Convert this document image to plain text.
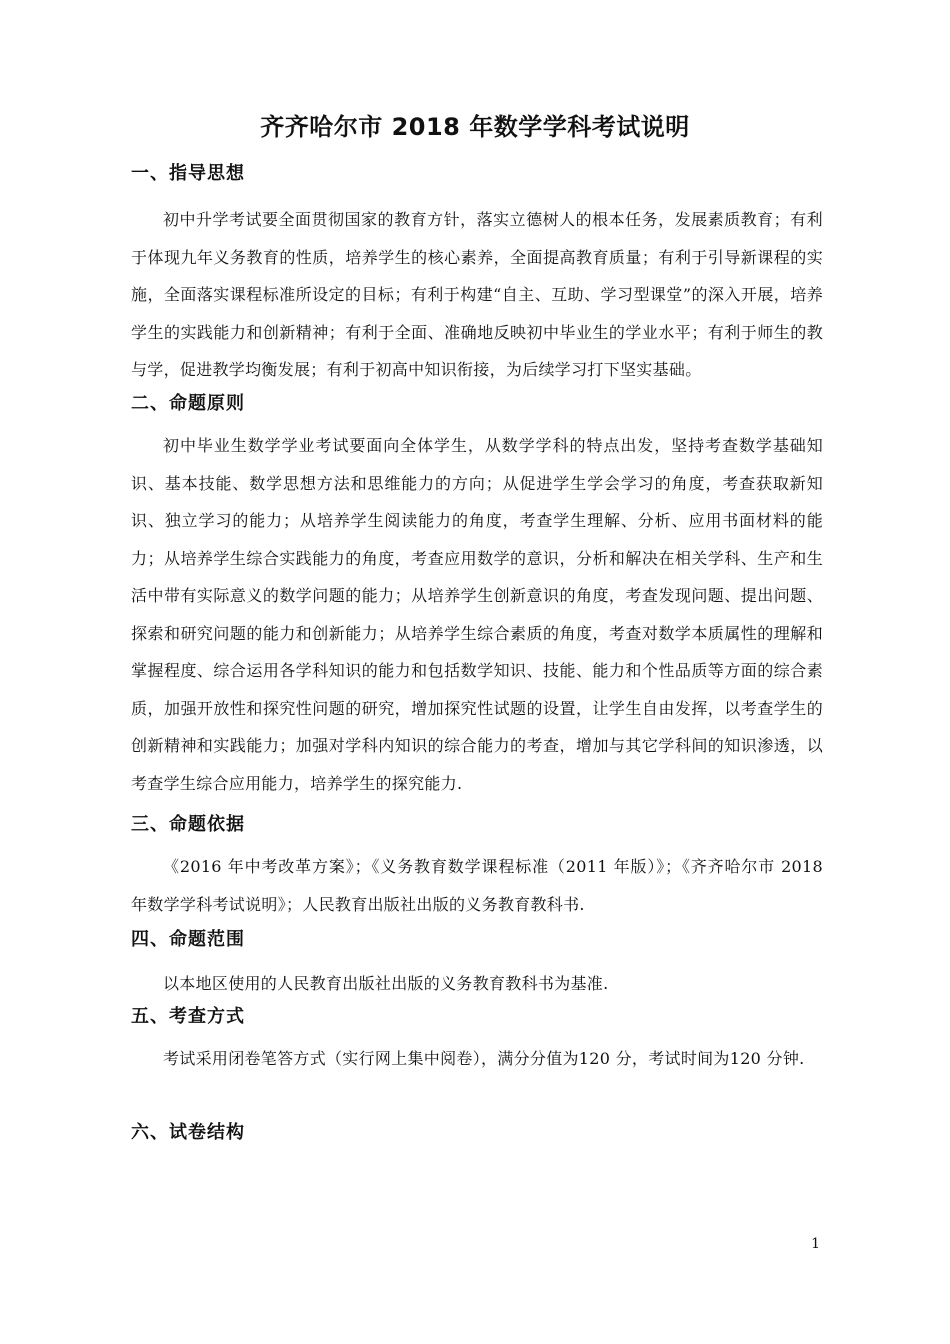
齐齐哈尔市 2018 年数学学科考试说明
一、指导思想
初中升学考试要全面贯彻国家的教育方针，落实立德树人的根本任务，发展素质教育；有利于体现九年义务教育的性质，培养学生的核心素养，全面提高教育质量；有利于引导新课程的实施，全面落实课程标准所设定的目标；有利于构建“自主、互助、学习型课堂”的深入开展，培养学生的实践能力和创新精神；有利于全面、准确地反映初中毕业生的学业水平；有利于师生的教与学，促进教学均衡发展；有利于初高中知识衔接，为后续学习打下坚实基础。
二、命题原则
初中毕业生数学学业考试要面向全体学生，从数学学科的特点出发，坚持考查数学基础知识、基本技能、数学思想方法和思维能力的方向；从促进学生学会学习的角度，考查获取新知识、独立学习的能力；从培养学生阅读能力的角度，考查学生理解、分析、应用书面材料的能力；从培养学生综合实践能力的角度，考查应用数学的意识，分析和解决在相关学科、生产和生活中带有实际意义的数学问题的能力；从培养学生创新意识的角度，考查发现问题、提出问题、探索和研究问题的能力和创新能力；从培养学生综合素质的角度，考查对数学本质属性的理解和掌握程度、综合运用各学科知识的能力和包括数学知识、技能、能力和个性品质等方面的综合素质，加强开放性和探究性问题的研究，增加探究性试题的设置，让学生自由发挥，以考查学生的创新精神和实践能力；加强对学科内知识的综合能力的考查，增加与其它学科间的知识渗透，以考查学生综合应用能力，培养学生的探究能力.
三、命题依据
《2016 年中考改革方案》；《义务教育数学课程标准（2011 年版）》；《齐齐哈尔市 2018 年数学学科考试说明》；人民教育出版社出版的义务教育教科书.
四、命题范围
以本地区使用的人民教育出版社出版的义务教育教科书为基准.
五、考查方式
考试采用闭卷笔答方式（实行网上集中阅卷），满分分值为120 分，考试时间为120 分钟.
六、试卷结构
1
